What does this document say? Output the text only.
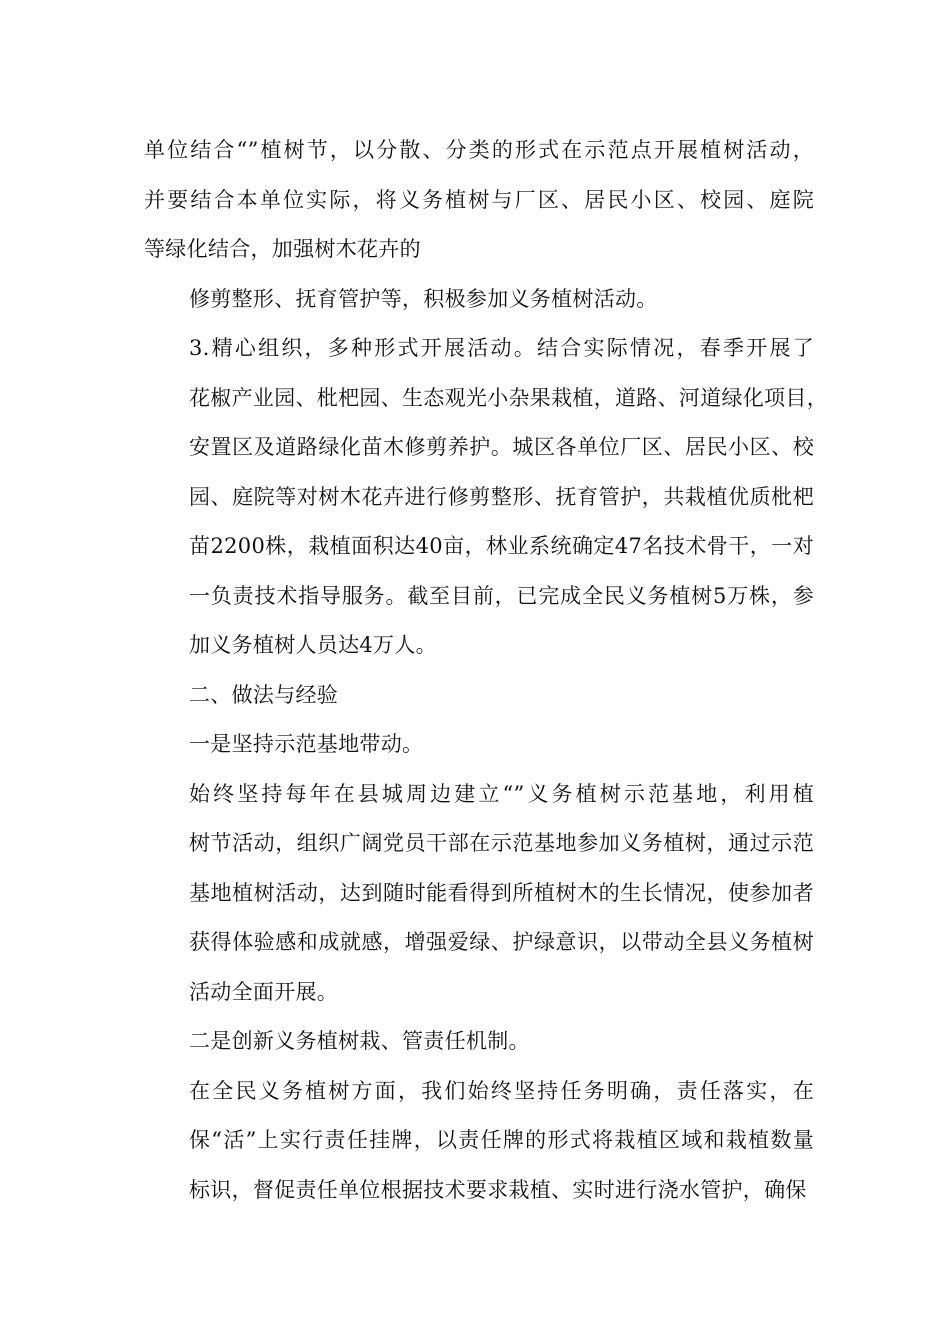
单位结合“”植树节，以分散、分类的形式在示范点开展植树活动，
并要结合本单位实际，将义务植树与厂区、居民小区、校园、庭院
等绿化结合，加强树木花卉的

修剪整形、抚育管护等，积极参加义务植树活动。

3.精心组织，多种形式开展活动。结合实际情况，春季开展了
花椒产业园、枇杷园、生态观光小杂果栽植，道路、河道绿化项目，
安置区及道路绿化苗木修剪养护。城区各单位厂区、居民小区、校
园、庭院等对树木花卉进行修剪整形、抚育管护，共栽植优质枇杷
苗2200株，栽植面积达40亩，林业系统确定47名技术骨干，一对
一负责技术指导服务。截至目前，已完成全民义务植树5万株，参
加义务植树人员达4万人。

二、做法与经验

一是坚持示范基地带动。

始终坚持每年在县城周边建立“”义务植树示范基地，利用植
树节活动，组织广阔党员干部在示范基地参加义务植树，通过示范
基地植树活动，达到随时能看得到所植树木的生长情况，使参加者
获得体验感和成就感，增强爱绿、护绿意识，以带动全县义务植树
活动全面开展。

二是创新义务植树栽、管责任机制。

在全民义务植树方面，我们始终坚持任务明确，责任落实，在
保“活”上实行责任挂牌，以责任牌的形式将栽植区域和栽植数量
标识，督促责任单位根据技术要求栽植、实时进行浇水管护，确保
